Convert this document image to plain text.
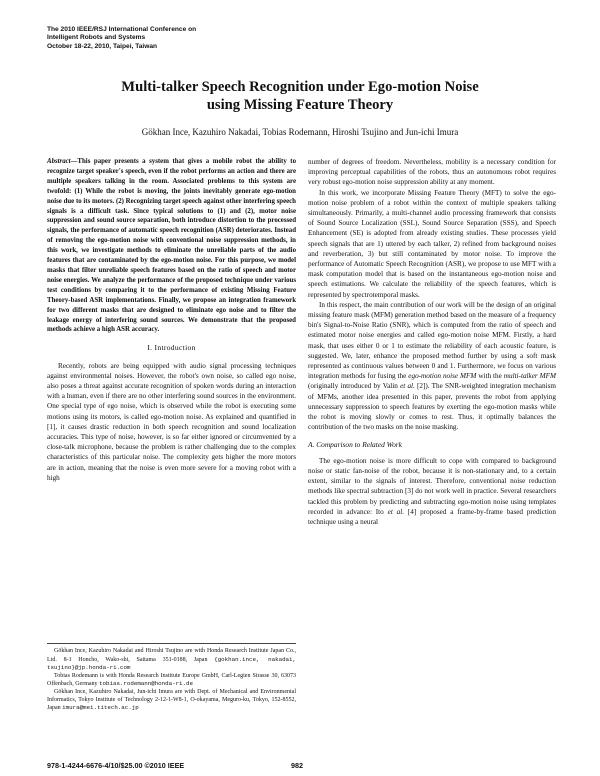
The 2010 IEEE/RSJ International Conference on
Intelligent Robots and Systems
October 18-22, 2010, Taipei, Taiwan
Multi-talker Speech Recognition under Ego-motion Noise
using Missing Feature Theory
Gökhan Ince, Kazuhiro Nakadai, Tobias Rodemann, Hiroshi Tsujino and Jun-ichi Imura
Abstract—This paper presents a system that gives a mobile robot the ability to recognize target speaker's speech, even if the robot performs an action and there are multiple speakers talking in the room. Associated problems to this system are twofold: (1) While the robot is moving, the joints inevitably generate ego-motion noise due to its motors. (2) Recognizing target speech against other interfering speech signals is a difficult task. Since typical solutions to (1) and (2), motor noise suppression and sound source separation, both introduce distortion to the processed signals, the performance of automatic speech recognition (ASR) deteriorates. Instead of removing the ego-motion noise with conventional noise suppression methods, in this work, we investigate methods to eliminate the unreliable parts of the audio features that are contaminated by the ego-motion noise. For this purpose, we model masks that filter unreliable speech features based on the ratio of speech and motor noise energies. We analyze the performance of the proposed technique under various test conditions by comparing it to the performance of existing Missing Feature Theory-based ASR implementations. Finally, we propose an integration framework for two different masks that are designed to eliminate ego noise and to filter the leakage energy of interfering sound sources. We demonstrate that the proposed methods achieve a high ASR accuracy.
I. Introduction

Recently, robots are being equipped with audio signal processing techniques against environmental noises. However, the robot's own noise, so called ego noise, also poses a threat against accurate recognition of spoken words during an interaction with a human, even if there are no other interfering sound sources in the environment. One special type of ego noise, which is observed while the robot is executing some motions using its motors, is called ego-motion noise. As explained and quantified in [1], it causes drastic reduction in both speech recognition and sound localization accuracies. This type of noise, however, is so far either ignored or circumvented by a close-talk microphone, because the problem is rather challenging due to the complex characteristics of this particular noise. The complexity gets higher the more motors are in action, meaning that the noise is even more severe for a moving robot with a high

Gökhan Ince, Kazuhiro Nakadai and Hiroshi Tsujino are with Honda Research Institute Japan Co., Ltd. 8-1 Honcho, Wako-shi, Saitama 351-0188, Japan {gokhan.ince, nakadai, tsujino}@jp.honda-ri.com

Tobias Rodemann is with Honda Research Institute Europe GmbH, Carl-Legien Strasse 30, 63073 Offenbach, Germany tobias.rodemann@honda-ri.de

Gökhan Ince, Kazuhiro Nakadai, Jun-ichi Imura are with Dept. of Mechanical and Environmental Informatics, Tokyo Institute of Technology 2-12-1-W8-1, O-okayama, Meguro-ku, Tokyo, 152-8552, Japan imura@mei.titech.ac.jp

number of degrees of freedom. Nevertheless, mobility is a necessary condition for improving perceptual capabilities of the robots, thus an autonomous robot requires very robust ego-motion noise suppression ability at any moment.

In this work, we incorporate Missing Feature Theory (MFT) to solve the ego-motion noise problem of a robot within the context of multiple speakers talking simultaneously. Primarily, a multi-channel audio processing framework that consists of Sound Source Localization (SSL), Sound Source Separation (SSS), and Speech Enhancement (SE) is adopted from already existing studies. These processes yield speech signals that are 1) uttered by each talker, 2) refined from background noises and reverberation, 3) but still contaminated by motor noise. To improve the performance of Automatic Speech Recognition (ASR), we propose to use MFT with a mask computation model that is based on the instantaneous ego-motion noise and speech estimations. We calculate the reliability of the speech features, which is represented by spectrotemporal masks.

In this respect, the main contribution of our work will be the design of an original missing feature mask (MFM) generation method based on the measure of a frequency bin's Signal-to-Noise Ratio (SNR), which is computed from the ratio of speech and estimated motor noise energies and called ego-motion noise MFM. Firstly, a hard mask, that uses either 0 or 1 to estimate the reliability of each acoustic feature, is suggested. We, later, enhance the proposed method further by using a soft mask represented as continuous values between 0 and 1. Furthermore, we focus on various integration methods for fusing the ego-motion noise MFM with the multi-talker MFM (originally introduced by Valin et al. [2]). The SNR-weighted integration mechanism of MFMs, another idea presented in this paper, prevents the robot from applying unnecessary suppression to speech features by exerting the ego-motion masks while the robot is moving slowly or comes to rest. Thus, it optimally balances the contribution of the two masks on the noise masking.

A. Comparison to Related Work

The ego-motion noise is more difficult to cope with compared to background noise or static fan-noise of the robot, because it is non-stationary and, to a certain extent, similar to the signals of interest. Therefore, conventional noise reduction methods like spectral subtraction [3] do not work well in practice. Several researchers tackled this problem by predicting and subtracting ego-motion noise using templates recorded in advance: Ito et al. [4] proposed a frame-by-frame based prediction technique using a neural

978-1-4244-6676-4/10/$25.00 ©2010 IEEE	982
